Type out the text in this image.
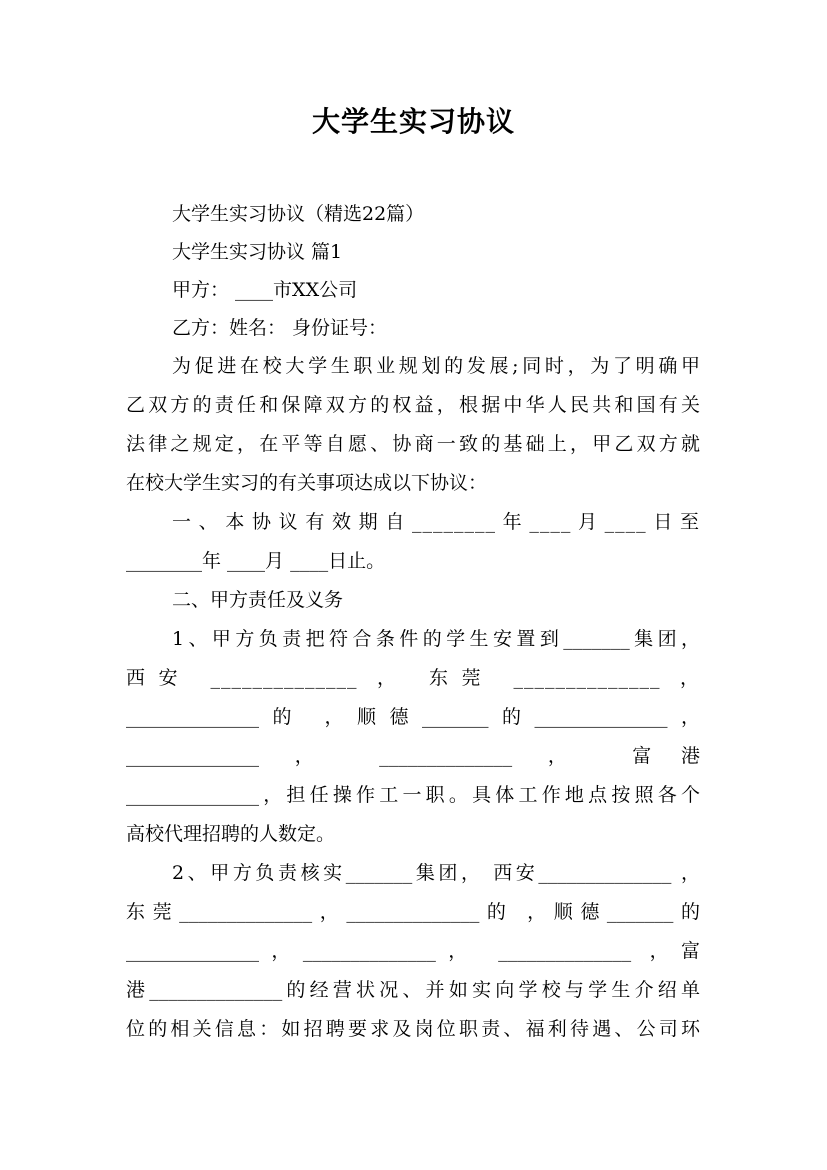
大学生实习协议
大学生实习协议（精选22篇）
大学生实习协议 篇1
甲方： ____市XX公司
乙方：姓名： 身份证号：
为促进在校大学生职业规划的发展;同时，为了明确甲
乙双方的责任和保障双方的权益，根据中华人民共和国有关
法律之规定，在平等自愿、协商一致的基础上，甲乙双方就
在校大学生实习的有关事项达成以下协议：
一、本协议有效期自________年____月____日至
________年 ____月 ____日止。
二、甲方责任及义务
1、甲方负责把符合条件的学生安置到_______集团，
西安 ______________ ， 东莞 ______________ ，
______________的 ，顺德_______的______________，
______________ ， ______________ ， 富港
______________，担任操作工一职。具体工作地点按照各个
高校代理招聘的人数定。
2、甲方负责核实_______集团， 西安______________ ，
东莞______________，______________的 ，顺德_______的
______________，______________， ______________ ，富
港______________的经营状况、并如实向学校与学生介绍单
位的相关信息：如招聘要求及岗位职责、福利待遇、公司环
